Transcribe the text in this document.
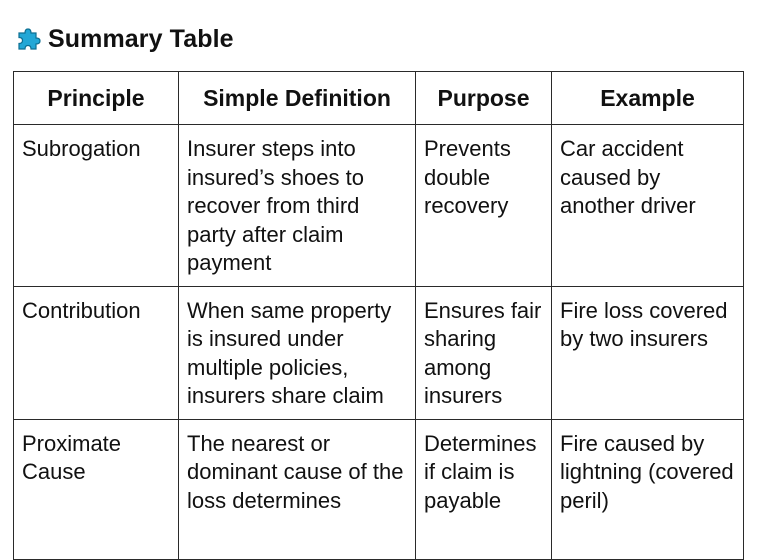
Summary Table
Principle	Simple Definition	Purpose	Example
Subrogation	Insurer steps into insured’s shoes to recover from third party after claim payment	Prevents double recovery	Car accident caused by another driver
Contribution	When same property is insured under multiple policies, insurers share claim	Ensures fair sharing among insurers	Fire loss covered by two insurers
Proximate Cause	The nearest or dominant cause of the loss determines	Determines if claim is payable	Fire caused by lightning (covered peril)
